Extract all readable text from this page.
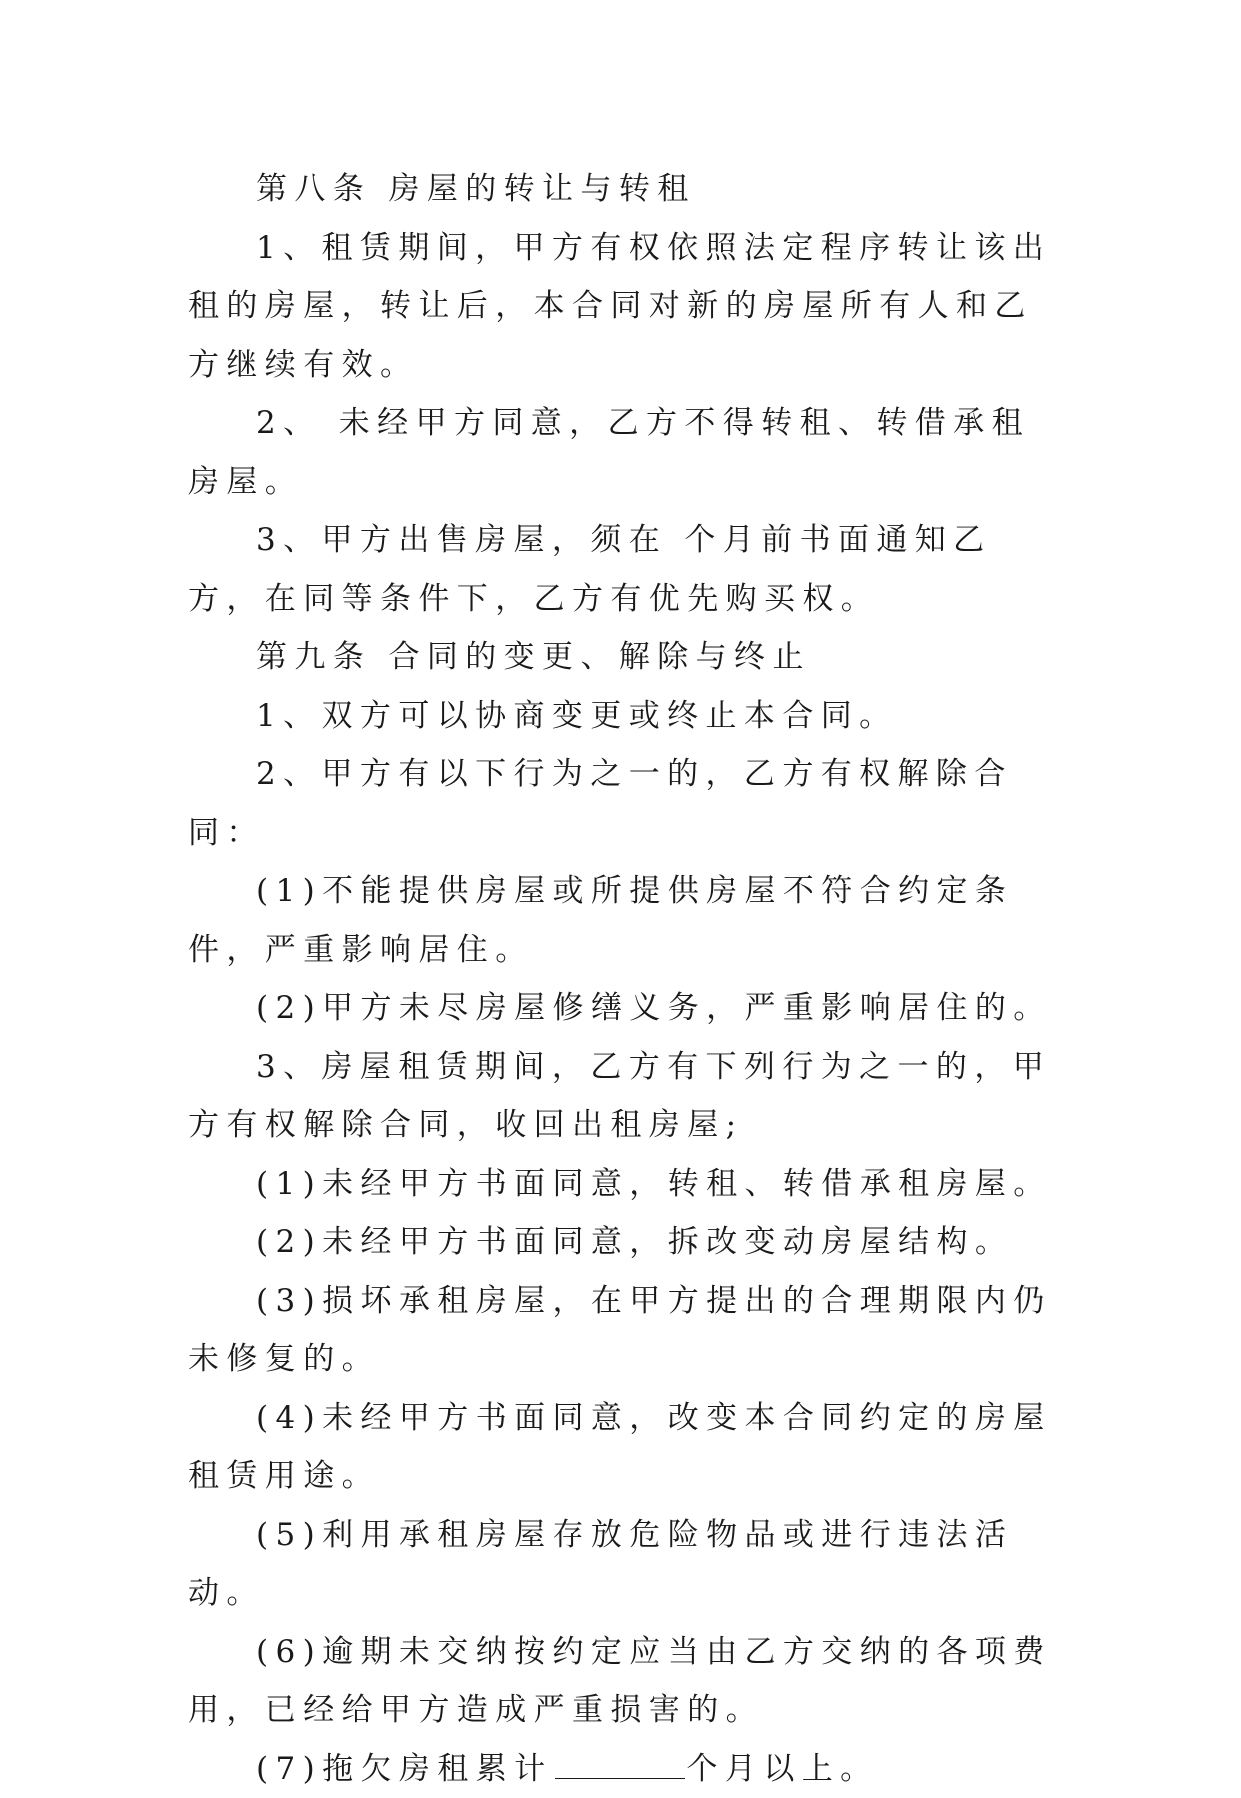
第八条 房屋的转让与转租

1、租赁期间，甲方有权依照法定程序转让该出租的房屋，转让后，本合同对新的房屋所有人和乙方继续有效。

2、 未经甲方同意，乙方不得转租、转借承租房屋。

3、甲方出售房屋，须在 个月前书面通知乙方，在同等条件下，乙方有优先购买权。

第九条 合同的变更、解除与终止

1、双方可以协商变更或终止本合同。

2、甲方有以下行为之一的，乙方有权解除合同：

(1)不能提供房屋或所提供房屋不符合约定条件，严重影响居住。

(2)甲方未尽房屋修缮义务，严重影响居住的。

3、房屋租赁期间，乙方有下列行为之一的，甲方有权解除合同，收回出租房屋;

(1)未经甲方书面同意，转租、转借承租房屋。

(2)未经甲方书面同意，拆改变动房屋结构。

(3)损坏承租房屋，在甲方提出的合理期限内仍未修复的。

(4)未经甲方书面同意，改变本合同约定的房屋租赁用途。

(5)利用承租房屋存放危险物品或进行违法活动。

(6)逾期未交纳按约定应当由乙方交纳的各项费用，已经给甲方造成严重损害的。

(7)拖欠房租累计	个月以上。
